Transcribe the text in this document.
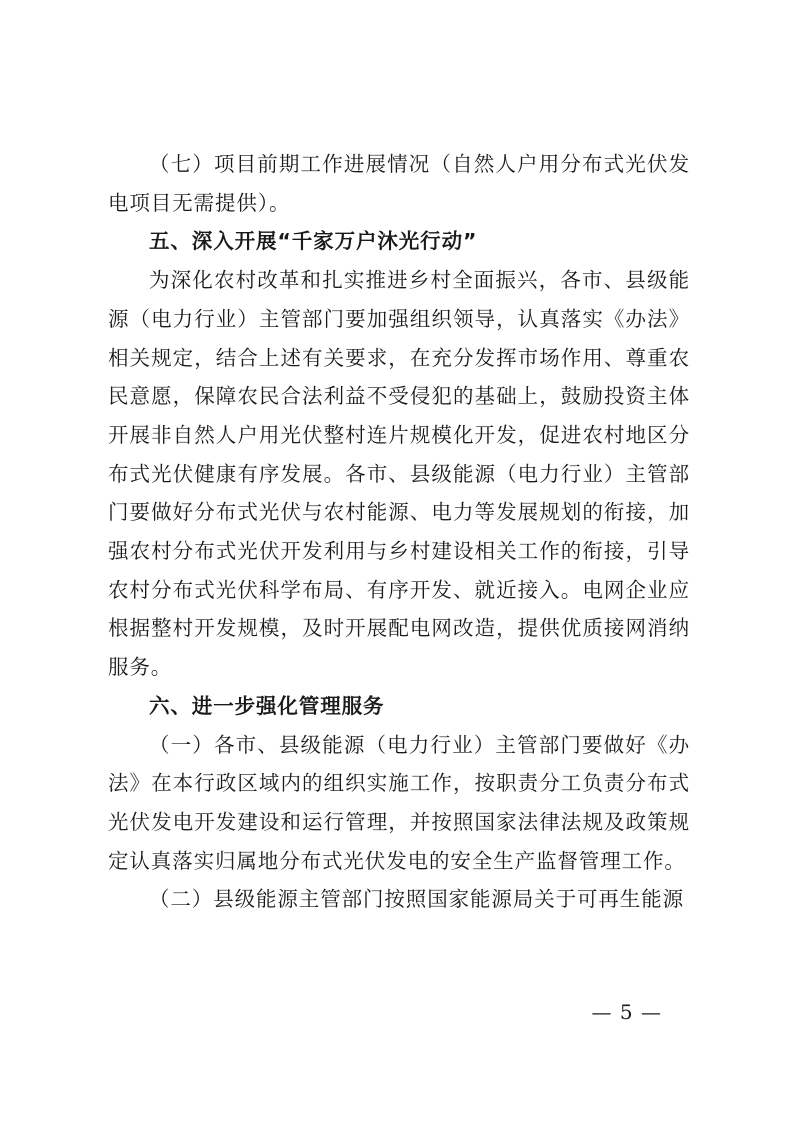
（七）项目前期工作进展情况（自然人户用分布式光伏发电项目无需提供）。

五、深入开展“千家万户沐光行动”

为深化农村改革和扎实推进乡村全面振兴，各市、县级能源（电力行业）主管部门要加强组织领导，认真落实《办法》相关规定，结合上述有关要求，在充分发挥市场作用、尊重农民意愿，保障农民合法利益不受侵犯的基础上，鼓励投资主体开展非自然人户用光伏整村连片规模化开发，促进农村地区分布式光伏健康有序发展。各市、县级能源（电力行业）主管部门要做好分布式光伏与农村能源、电力等发展规划的衔接，加强农村分布式光伏开发利用与乡村建设相关工作的衔接，引导农村分布式光伏科学布局、有序开发、就近接入。电网企业应根据整村开发规模，及时开展配电网改造，提供优质接网消纳服务。

六、进一步强化管理服务

（一）各市、县级能源（电力行业）主管部门要做好《办法》在本行政区域内的组织实施工作，按职责分工负责分布式光伏发电开发建设和运行管理，并按照国家法律法规及政策规定认真落实归属地分布式光伏发电的安全生产监督管理工作。

（二）县级能源主管部门按照国家能源局关于可再生能源

— 5 —
